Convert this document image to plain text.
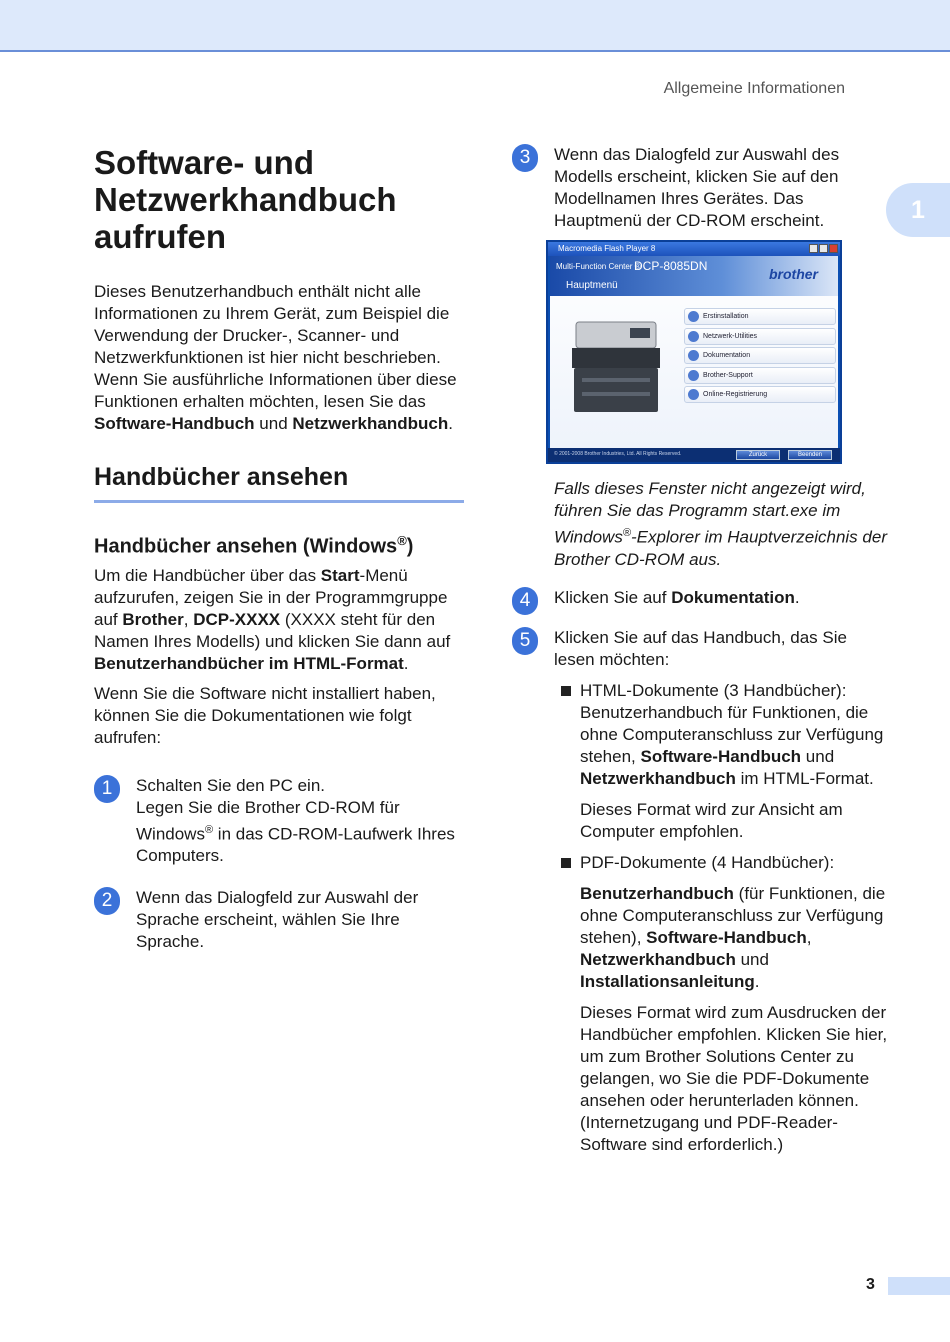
Allgemeine Informationen
1
Software- und Netzwerkhandbuch aufrufen

Dieses Benutzerhandbuch enthält nicht alle Informationen zu Ihrem Gerät, zum Beispiel die Verwendung der Drucker-, Scanner- und Netzwerkfunktionen ist hier nicht beschrieben. Wenn Sie ausführliche Informationen über diese Funktionen erhalten möchten, lesen Sie das Software-Handbuch und Netzwerkhandbuch.

Handbücher ansehen
Handbücher ansehen (Windows®)

Um die Handbücher über das Start-Menü aufzurufen, zeigen Sie in der Programmgruppe auf Brother, DCP-XXXX (XXXX steht für den Namen Ihres Modells) und klicken Sie dann auf Benutzerhandbücher im HTML-Format.

Wenn Sie die Software nicht installiert haben, können Sie die Dokumentationen wie folgt aufrufen:

1	Schalten Sie den PC ein.
Legen Sie die Brother CD-ROM für Windows® in das CD-ROM-Laufwerk Ihres Computers.
2	Wenn das Dialogfeld zur Auswahl der Sprache erscheint, wählen Sie Ihre Sprache.
3	Wenn das Dialogfeld zur Auswahl des Modells erscheint, klicken Sie auf den Modellnamen Ihres Gerätes. Das Hauptmenü der CD-ROM erscheint.
Macromedia Flash Player 8
Multi-Function Center ®
DCP-8085DN
Hauptmenü
brother
Erstinstallation
Netzwerk-Utilities
Dokumentation
Brother-Support
Online-Registrierung
© 2001-2008 Brother Industries, Ltd. All Rights Reserved.	Zurück	Beenden

Falls dieses Fenster nicht angezeigt wird, führen Sie das Programm start.exe im Windows®-Explorer im Hauptverzeichnis der Brother CD-ROM aus.

4	Klicken Sie auf Dokumentation.
5	Klicken Sie auf das Handbuch, das Sie lesen möchten:
HTML-Dokumente (3 Handbücher): Benutzerhandbuch für Funktionen, die ohne Computeranschluss zur Verfügung stehen, Software-Handbuch und Netzwerkhandbuch im HTML-Format.
Dieses Format wird zur Ansicht am Computer empfohlen.
PDF-Dokumente (4 Handbücher):
Benutzerhandbuch (für Funktionen, die ohne Computeranschluss zur Verfügung stehen), Software-Handbuch, Netzwerkhandbuch und Installationsanleitung.
Dieses Format wird zum Ausdrucken der Handbücher empfohlen. Klicken Sie hier, um zum Brother Solutions Center zu gelangen, wo Sie die PDF-Dokumente ansehen oder herunterladen können. (Internetzugang und PDF-Reader-Software sind erforderlich.)
3
